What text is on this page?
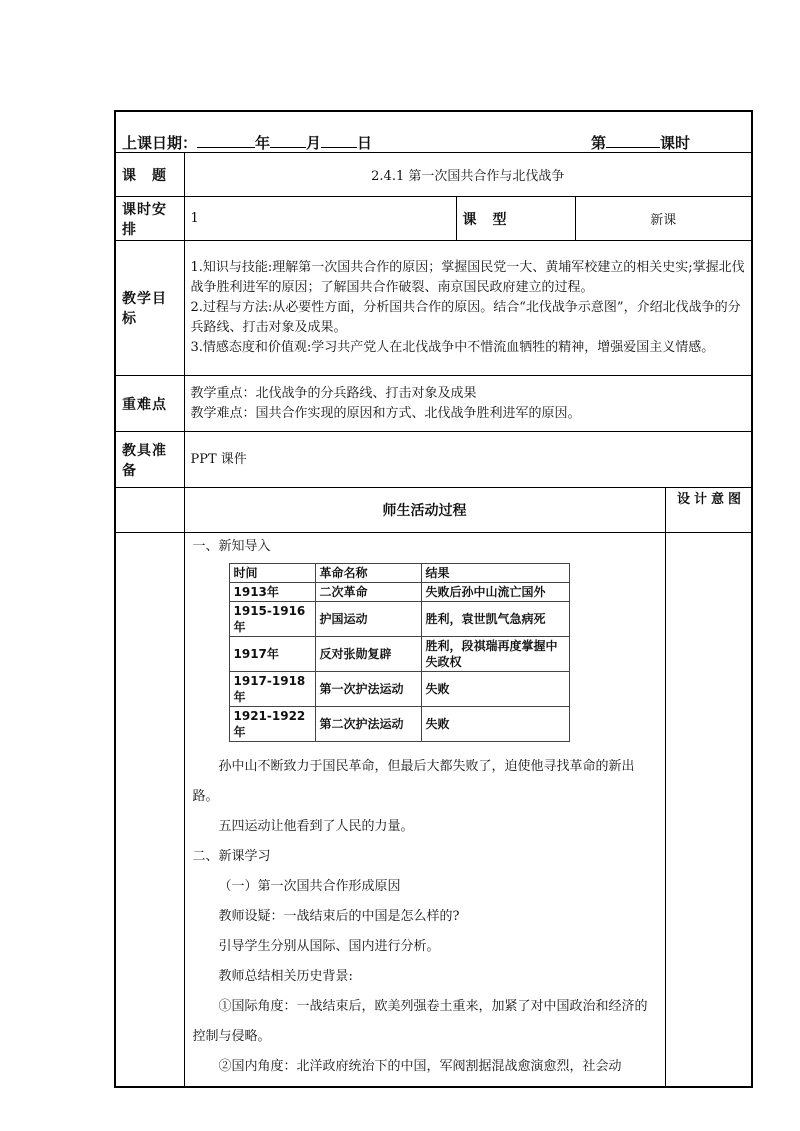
上课日期：	年 月 日	第	课时

课　题	2.4.1 第一次国共合作与北伐战争
课时安排	1	课　型	新课
教学目标	
1.知识与技能:理解第一次国共合作的原因；掌握国民党一大、黄埔军校建立的相关史实;掌握北伐战争胜利进军的原因；了解国共合作破裂、南京国民政府建立的过程。
2.过程与方法:从必要性方面，分析国共合作的原因。结合“北伐战争示意图”，介绍北伐战争的分兵路线、打击对象及成果。
3.情感态度和价值观:学习共产党人在北伐战争中不惜流血牺牲的精神，增强爱国主义情感。

重难点	
教学重点：北伐战争的分兵路线、打击对象及成果
教学难点：国共合作实现的原因和方式、北伐战争胜利进军的原因。

教具准备	PPT 课件
	师生活动过程	设计意图

一、新知导入

时间	革命名称	结果
1913年	二次革命	失败后孙中山流亡国外
1915-1916年	护国运动	胜利，袁世凯气急病死
1917年	反对张勋复辟	胜利，段祺瑞再度掌握中失政权
1917-1918年	第一次护法运动	失败
1921-1922年	第二次护法运动	失败

孙中山不断致力于国民革命，但最后大都失败了，迫使他寻找革命的新出路。

五四运动让他看到了人民的力量。

二、新课学习

（一）第一次国共合作形成原因

教师设疑：一战结束后的中国是怎么样的?

引导学生分别从国际、国内进行分析。

教师总结相关历史背景:

①国际角度：一战结束后，欧美列强卷土重来，加紧了对中国政治和经济的控制与侵略。

②国内角度：北洋政府统治下的中国，军阀割据混战愈演愈烈，社会动
